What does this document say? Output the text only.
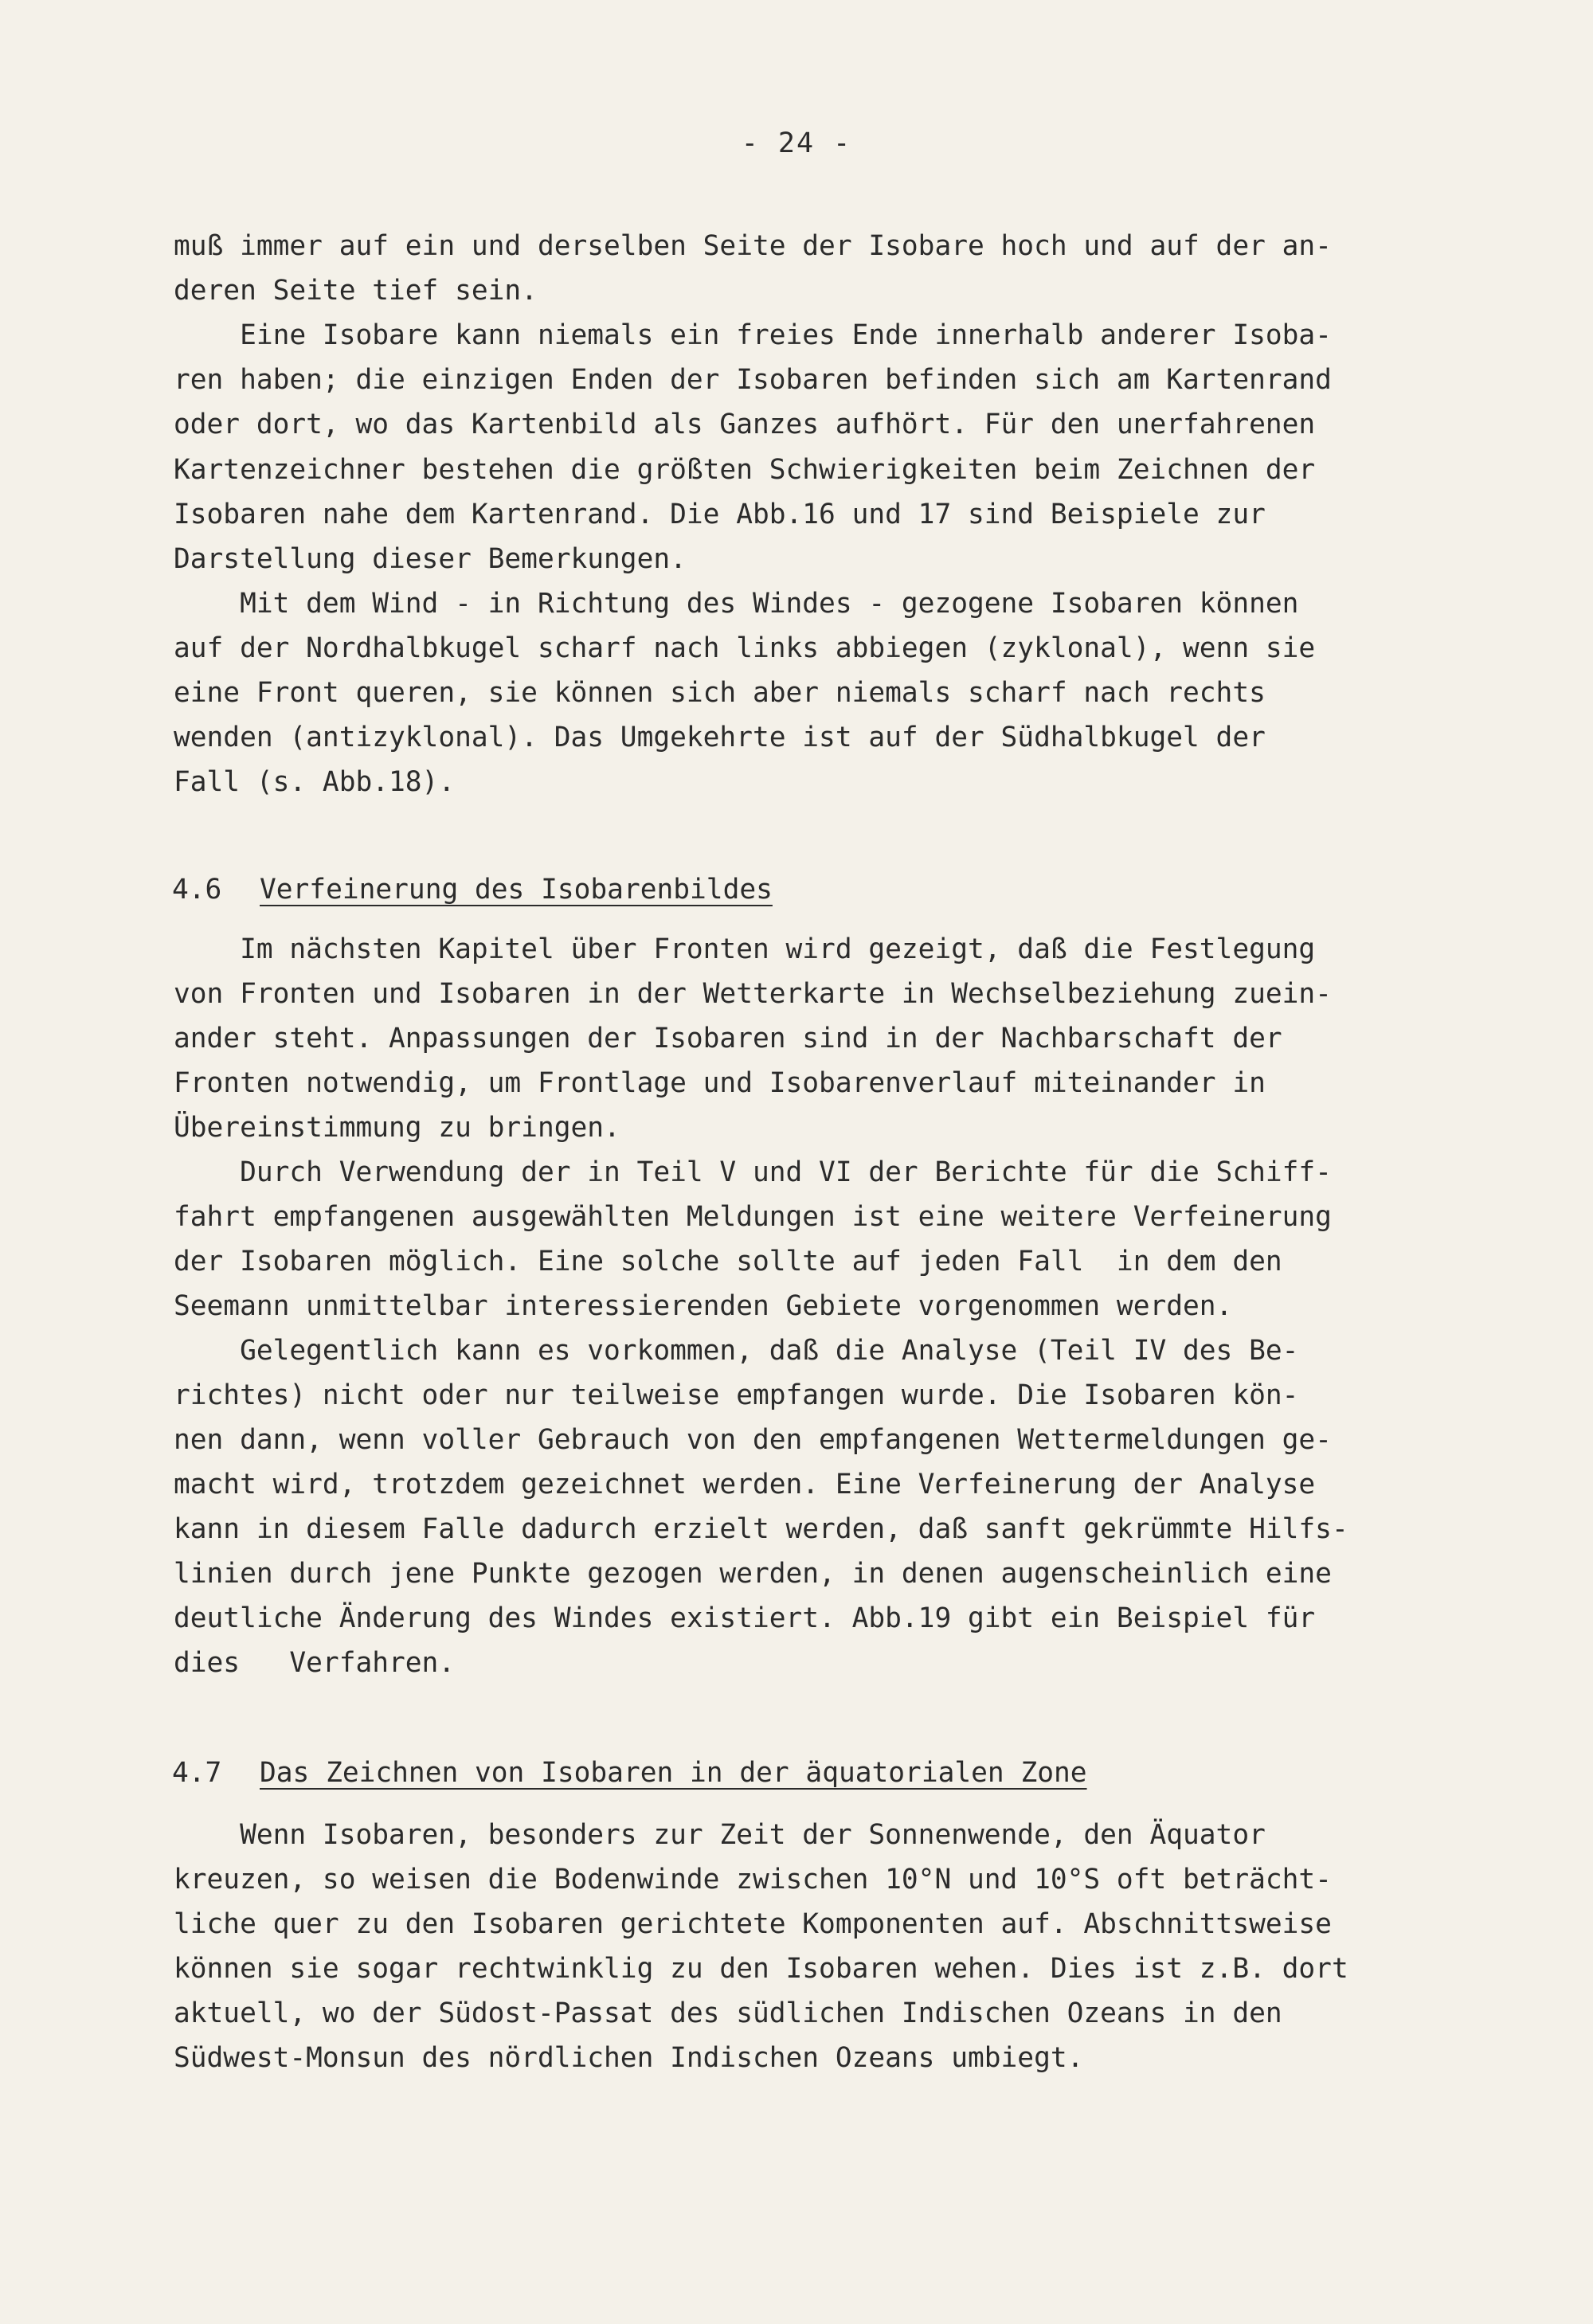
- 24 -
muß immer auf ein und derselben Seite der Isobare hoch und auf der an-
deren Seite tief sein.
Eine Isobare kann niemals ein freies Ende innerhalb anderer Isoba-
ren haben; die einzigen Enden der Isobaren befinden sich am Kartenrand
oder dort, wo das Kartenbild als Ganzes aufhört. Für den unerfahrenen
Kartenzeichner bestehen die größten Schwierigkeiten beim Zeichnen der
Isobaren nahe dem Kartenrand. Die Abb.16 und 17 sind Beispiele zur
Darstellung dieser Bemerkungen.
Mit dem Wind - in Richtung des Windes - gezogene Isobaren können
auf der Nordhalbkugel scharf nach links abbiegen (zyklonal), wenn sie
eine Front queren, sie können sich aber niemals scharf nach rechts
wenden (antizyklonal). Das Umgekehrte ist auf der Südhalbkugel der
Fall (s. Abb.18).

4.6

Verfeinerung des Isobarenbildes

Im nächsten Kapitel über Fronten wird gezeigt, daß die Festlegung
von Fronten und Isobaren in der Wetterkarte in Wechselbeziehung zuein-
ander steht. Anpassungen der Isobaren sind in der Nachbarschaft der
Fronten notwendig, um Frontlage und Isobarenverlauf miteinander in
Übereinstimmung zu bringen.
Durch Verwendung der in Teil V und VI der Berichte für die Schiff-
fahrt empfangenen ausgewählten Meldungen ist eine weitere Verfeinerung
der Isobaren möglich. Eine solche sollte auf jeden Fall  in dem den
Seemann unmittelbar interessierenden Gebiete vorgenommen werden.
Gelegentlich kann es vorkommen, daß die Analyse (Teil IV des Be-
richtes) nicht oder nur teilweise empfangen wurde. Die Isobaren kön-
nen dann, wenn voller Gebrauch von den empfangenen Wettermeldungen ge-
macht wird, trotzdem gezeichnet werden. Eine Verfeinerung der Analyse
kann in diesem Falle dadurch erzielt werden, daß sanft gekrümmte Hilfs-
linien durch jene Punkte gezogen werden, in denen augenscheinlich eine
deutliche Änderung des Windes existiert. Abb.19 gibt ein Beispiel für
dies   Verfahren.

4.7

Das Zeichnen von Isobaren in der äquatorialen Zone

Wenn Isobaren, besonders zur Zeit der Sonnenwende, den Äquator
kreuzen, so weisen die Bodenwinde zwischen 10°N und 10°S oft beträcht-
liche quer zu den Isobaren gerichtete Komponenten auf. Abschnittsweise
können sie sogar rechtwinklig zu den Isobaren wehen. Dies ist z.B. dort
aktuell, wo der Südost-Passat des südlichen Indischen Ozeans in den
Südwest-Monsun des nördlichen Indischen Ozeans umbiegt.
